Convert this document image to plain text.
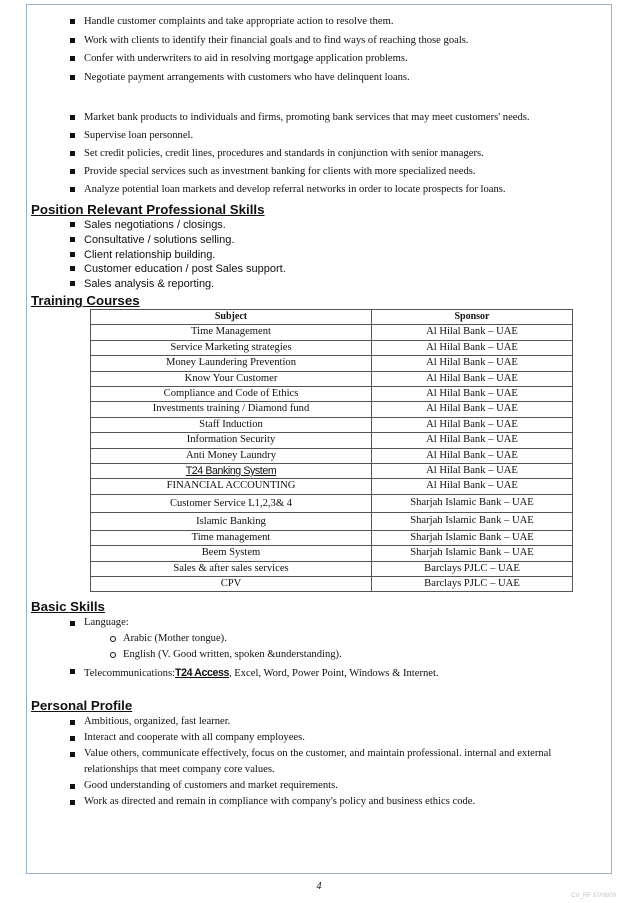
Handle customer complaints and take appropriate action to resolve them.
Work with clients to identify their financial goals and to find ways of reaching those goals.
Confer with underwriters to aid in resolving mortgage application problems.
Negotiate payment arrangements with customers who have delinquent loans.
Market bank products to individuals and firms, promoting bank services that may meet customers' needs.
Supervise loan personnel.
Set credit policies, credit lines, procedures and standards in conjunction with senior managers.
Provide special services such as investment banking for clients with more specialized needs.
Analyze potential loan markets and develop referral networks in order to locate prospects for loans.
Position Relevant Professional Skills
Sales negotiations / closings.
Consultative / solutions selling.
Client relationship building.
Customer education / post Sales support.
Sales analysis & reporting.
Training Courses
Subject	Sponsor
Time Management	Al Hilal Bank – UAE
Service Marketing strategies	Al Hilal Bank – UAE
Money Laundering Prevention	Al Hilal Bank – UAE
Know Your Customer	Al Hilal Bank – UAE
Compliance and Code of Ethics	Al Hilal Bank – UAE
Investments training / Diamond fund	Al Hilal Bank – UAE
Staff Induction	Al Hilal Bank – UAE
Information Security	Al Hilal Bank – UAE
Anti Money Laundry	Al Hilal Bank – UAE
T24 Banking System	Al Hilal Bank – UAE
FINANCIAL ACCOUNTING	Al Hilal Bank – UAE
Customer Service L1,2,3& 4	Sharjah Islamic Bank – UAE
Islamic Banking	Sharjah Islamic Bank – UAE
Time management	Sharjah Islamic Bank – UAE
Beem System	Sharjah Islamic Bank – UAE
Sales & after sales services	Barclays PJLC – UAE
CPV	Barclays PJLC – UAE
Basic Skills
Language:
Arabic (Mother tongue).
English (V. Good written, spoken &understanding).
Telecommunications:T24 Access, Excel, Word, Power Point, Windows & Internet.
Personal Profile
Ambitious, organized, fast learner.
Interact and cooperate with all company employees.
Value others, communicate effectively, focus on the customer, and maintain professional. internal and external relationships that meet company core values.
Good understanding of customers and market requirements.
Work as directed and remain in compliance with company's policy and business ethics code.
4
CV_RF 57/09/00
